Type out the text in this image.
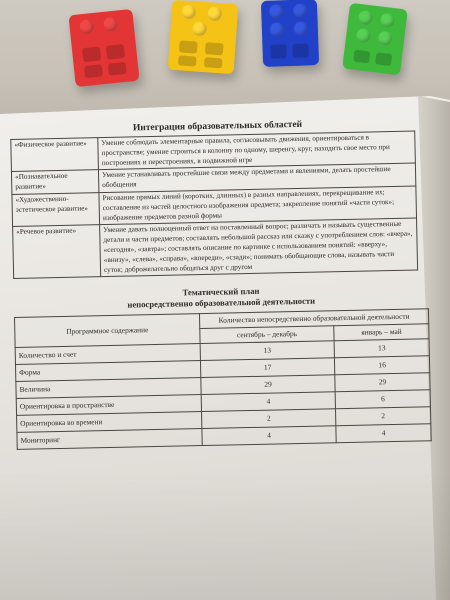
Интеграция образовательных областей
«Физическое развитие»	Умение соблюдать элементарные правила, согласовывать движения, ориентироваться в пространстве; умение строиться в колонну по одному, шеренгу, круг, находить свое место при построениях и перестроениях, в подвижной игре
«Познавательное развитие»	Умение устанавливать простейшие связи между предметами и явлениями, делать простейшие обобщения
«Художественно-эстетическое развитие»	Рисование прямых линий (коротких, длинных) в разных направлениях, перекрещивание их; составление из частей целостного изображения предмета; закрепление понятий «части суток»; изображение предметов разной формы
«Речевое развитие»	Умение давать полноценный ответ на поставленный вопрос; различать и называть существенные детали и части предметов; составлять небольшой рассказ или сказку с употреблением слов: «вчера», «сегодня», «завтра»; составлять описание по картинке с использованием понятий: «вверху», «внизу», «слева», «справа», «впереди», «сзади»; понимать обобщающие слова, называть части суток; доброжелательно общаться друг с другом
Тематический план
непосредственно образовательной деятельности
Программное содержание	Количество непосредственно образовательной деятельности	
	сентябрь – декабрь	январь – май
Количество и счет	13	13
Форма	17	16
Величина	29	29
Ориентировка в пространстве	4	6
Ориентировка во времени	2	2
Мониторинг	4	4
